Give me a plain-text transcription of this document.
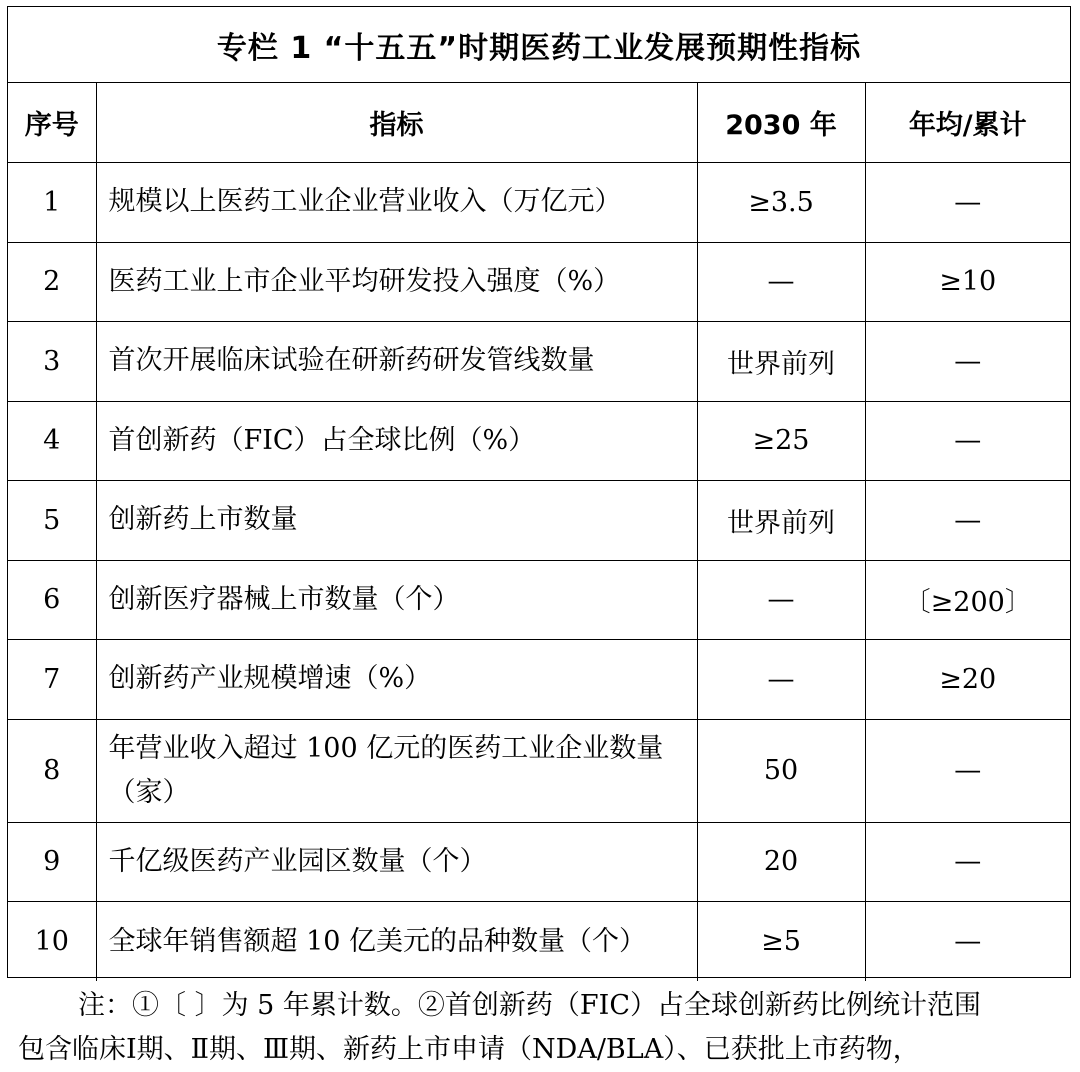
专栏 1 “十五五”时期医药工业发展预期性指标
序号	指标	2030 年	年均/累计
1	规模以上医药工业企业营业收入（万亿元）	≥3.5	—
2	医药工业上市企业平均研发投入强度（%）	—	≥10
3	首次开展临床试验在研新药研发管线数量	世界前列	—
4	首创新药（FIC）占全球比例（%）	≥25	—
5	创新药上市数量	世界前列	—
6	创新医疗器械上市数量（个）	—	〔≥200〕
7	创新药产业规模增速（%）	—	≥20
8	年营业收入超过 100 亿元的医药工业企业数量（家）	50	—
9	千亿级医药产业园区数量（个）	20	—
10	全球年销售额超 10 亿美元的品种数量（个）	≥5	—

注：①〔 〕为 5 年累计数。②首创新药（FIC）占全球创新药比例统计范围

包含临床Ⅰ期、Ⅱ期、Ⅲ期、新药上市申请（NDA/BLA）、已获批上市药物，
